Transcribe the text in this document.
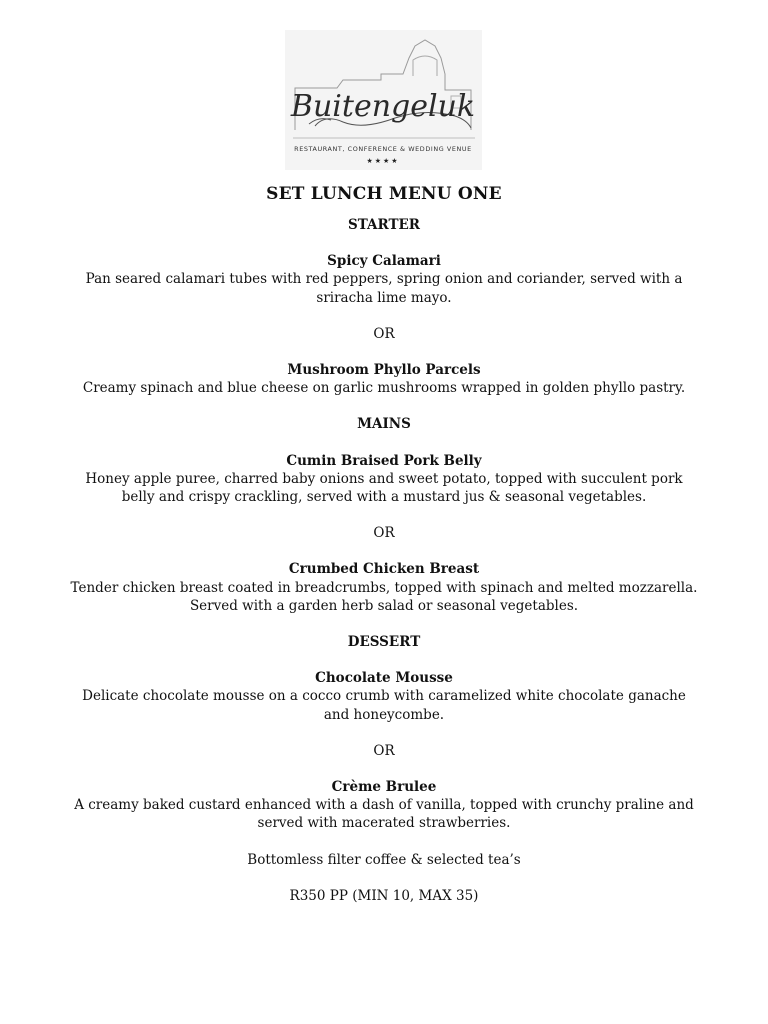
Buitengeluk
RESTAURANT, CONFERENCE & WEDDING VENUE
★★★★
SET LUNCH MENU ONE
STARTER
Spicy Calamari
Pan seared calamari tubes with red peppers, spring onion and coriander, served with a sriracha lime mayo.
OR
Mushroom Phyllo Parcels
Creamy spinach and blue cheese on garlic mushrooms wrapped in golden phyllo pastry.
MAINS
Cumin Braised Pork Belly
Honey apple puree, charred baby onions and sweet potato, topped with succulent pork belly and crispy crackling, served with a mustard jus & seasonal vegetables.
OR
Crumbed Chicken Breast
Tender chicken breast coated in breadcrumbs, topped with spinach and melted mozzarella. Served with a garden herb salad or seasonal vegetables.
DESSERT
Chocolate Mousse
Delicate chocolate mousse on a cocco crumb with caramelized white chocolate ganache and honeycombe.
OR
Crème Brulee
A creamy baked custard enhanced with a dash of vanilla, topped with crunchy praline and served with macerated strawberries.
Bottomless filter coffee & selected tea’s
R350 PP (MIN 10, MAX 35)
